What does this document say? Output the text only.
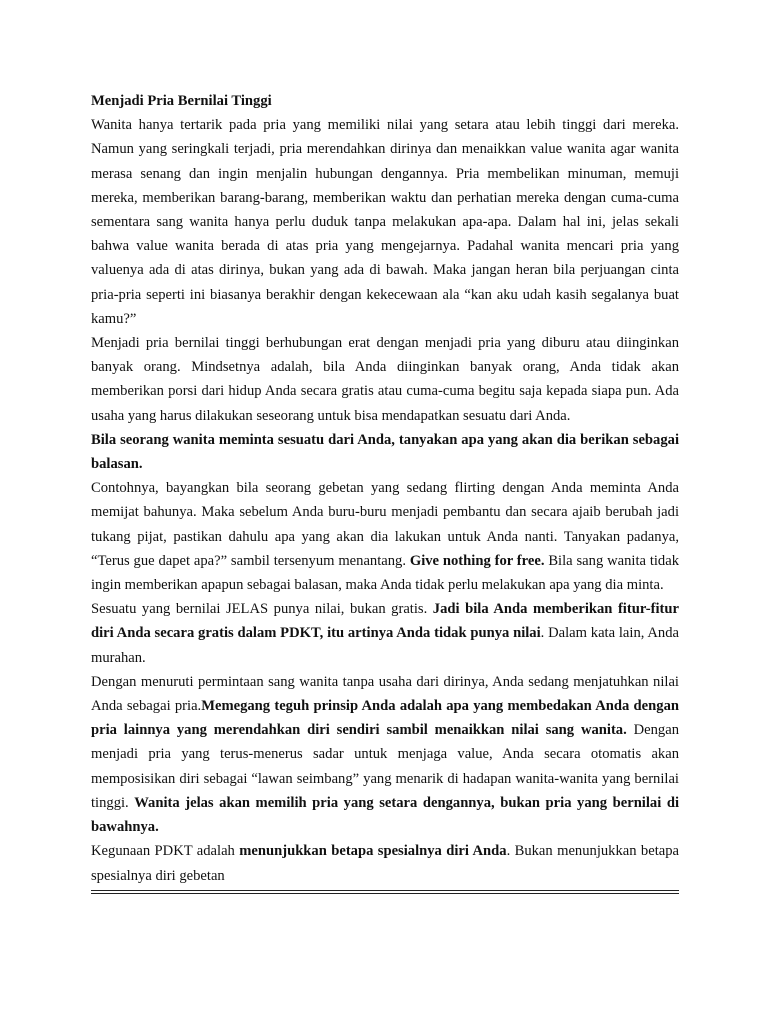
Menjadi Pria Bernilai Tinggi

Wanita hanya tertarik pada pria yang memiliki nilai yang setara atau lebih tinggi dari mereka. Namun yang seringkali terjadi, pria merendahkan dirinya dan menaikkan value wanita agar wanita merasa senang dan ingin menjalin hubungan dengannya. Pria membelikan minuman, memuji mereka, memberikan barang-barang, memberikan waktu dan perhatian mereka dengan cuma-cuma sementara sang wanita hanya perlu duduk tanpa melakukan apa-apa. Dalam hal ini, jelas sekali bahwa value wanita berada di atas pria yang mengejarnya. Padahal wanita mencari pria yang valuenya ada di atas dirinya, bukan yang ada di bawah. Maka jangan heran bila perjuangan cinta pria-pria seperti ini biasanya berakhir dengan kekecewaan ala “kan aku udah kasih segalanya buat kamu?”

Menjadi pria bernilai tinggi berhubungan erat dengan menjadi pria yang diburu atau diinginkan banyak orang. Mindsetnya adalah, bila Anda diinginkan banyak orang, Anda tidak akan memberikan porsi dari hidup Anda secara gratis atau cuma-cuma begitu saja kepada siapa pun. Ada usaha yang harus dilakukan seseorang untuk bisa mendapatkan sesuatu dari Anda.

Bila seorang wanita meminta sesuatu dari Anda, tanyakan apa yang akan dia berikan sebagai balasan.

Contohnya, bayangkan bila seorang gebetan yang sedang flirting dengan Anda meminta Anda memijat bahunya. Maka sebelum Anda buru-buru menjadi pembantu dan secara ajaib berubah jadi tukang pijat, pastikan dahulu apa yang akan dia lakukan untuk Anda nanti. Tanyakan padanya, “Terus gue dapet apa?” sambil tersenyum menantang. Give nothing for free. Bila sang wanita tidak ingin memberikan apapun sebagai balasan, maka Anda tidak perlu melakukan apa yang dia minta.

Sesuatu yang bernilai JELAS punya nilai, bukan gratis. Jadi bila Anda memberikan fitur-fitur diri Anda secara gratis dalam PDKT, itu artinya Anda tidak punya nilai. Dalam kata lain, Anda murahan.

Dengan menuruti permintaan sang wanita tanpa usaha dari dirinya, Anda sedang menjatuhkan nilai Anda sebagai pria.Memegang teguh prinsip Anda adalah apa yang membedakan Anda dengan pria lainnya yang merendahkan diri sendiri sambil menaikkan nilai sang wanita. Dengan menjadi pria yang terus-menerus sadar untuk menjaga value, Anda secara otomatis akan memposisikan diri sebagai “lawan seimbang” yang menarik di hadapan wanita-wanita yang bernilai tinggi. Wanita jelas akan memilih pria yang setara dengannya, bukan pria yang bernilai di bawahnya.

Kegunaan PDKT adalah menunjukkan betapa spesialnya diri Anda. Bukan menunjukkan betapa spesialnya diri gebetan
